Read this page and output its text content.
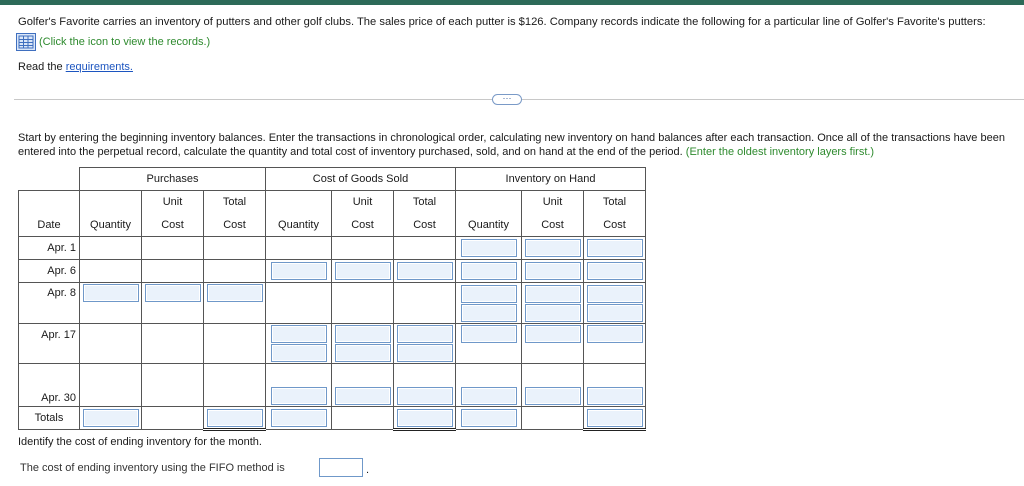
Golfer's Favorite carries an inventory of putters and other golf clubs. The sales price of each putter is $126. Company records indicate the following for a particular line of Golfer's Favorite's putters:
(Click the icon to view the records.)
Read the requirements.
···
Start by entering the beginning inventory balances. Enter the transactions in chronological order, calculating new inventory on hand balances after each transaction. Once all of the transactions have been entered into the perpetual record, calculate the quantity and total cost of inventory purchased, sold, and on hand at the end of the period. (Enter the oldest inventory layers first.)
	Purchases			Cost of Goods Sold			Inventory on Hand		
		Unit	Total		Unit	Total		Unit	Total
Date	Quantity	Cost	Cost	Quantity	Cost	Cost	Quantity	Cost	Cost
Apr. 1							

Apr. 6				

Apr. 8	

Apr. 17				

Apr. 30				

Totals	

Identify the cost of ending inventory for the month.
The cost of ending inventory using the FIFO method is	.
